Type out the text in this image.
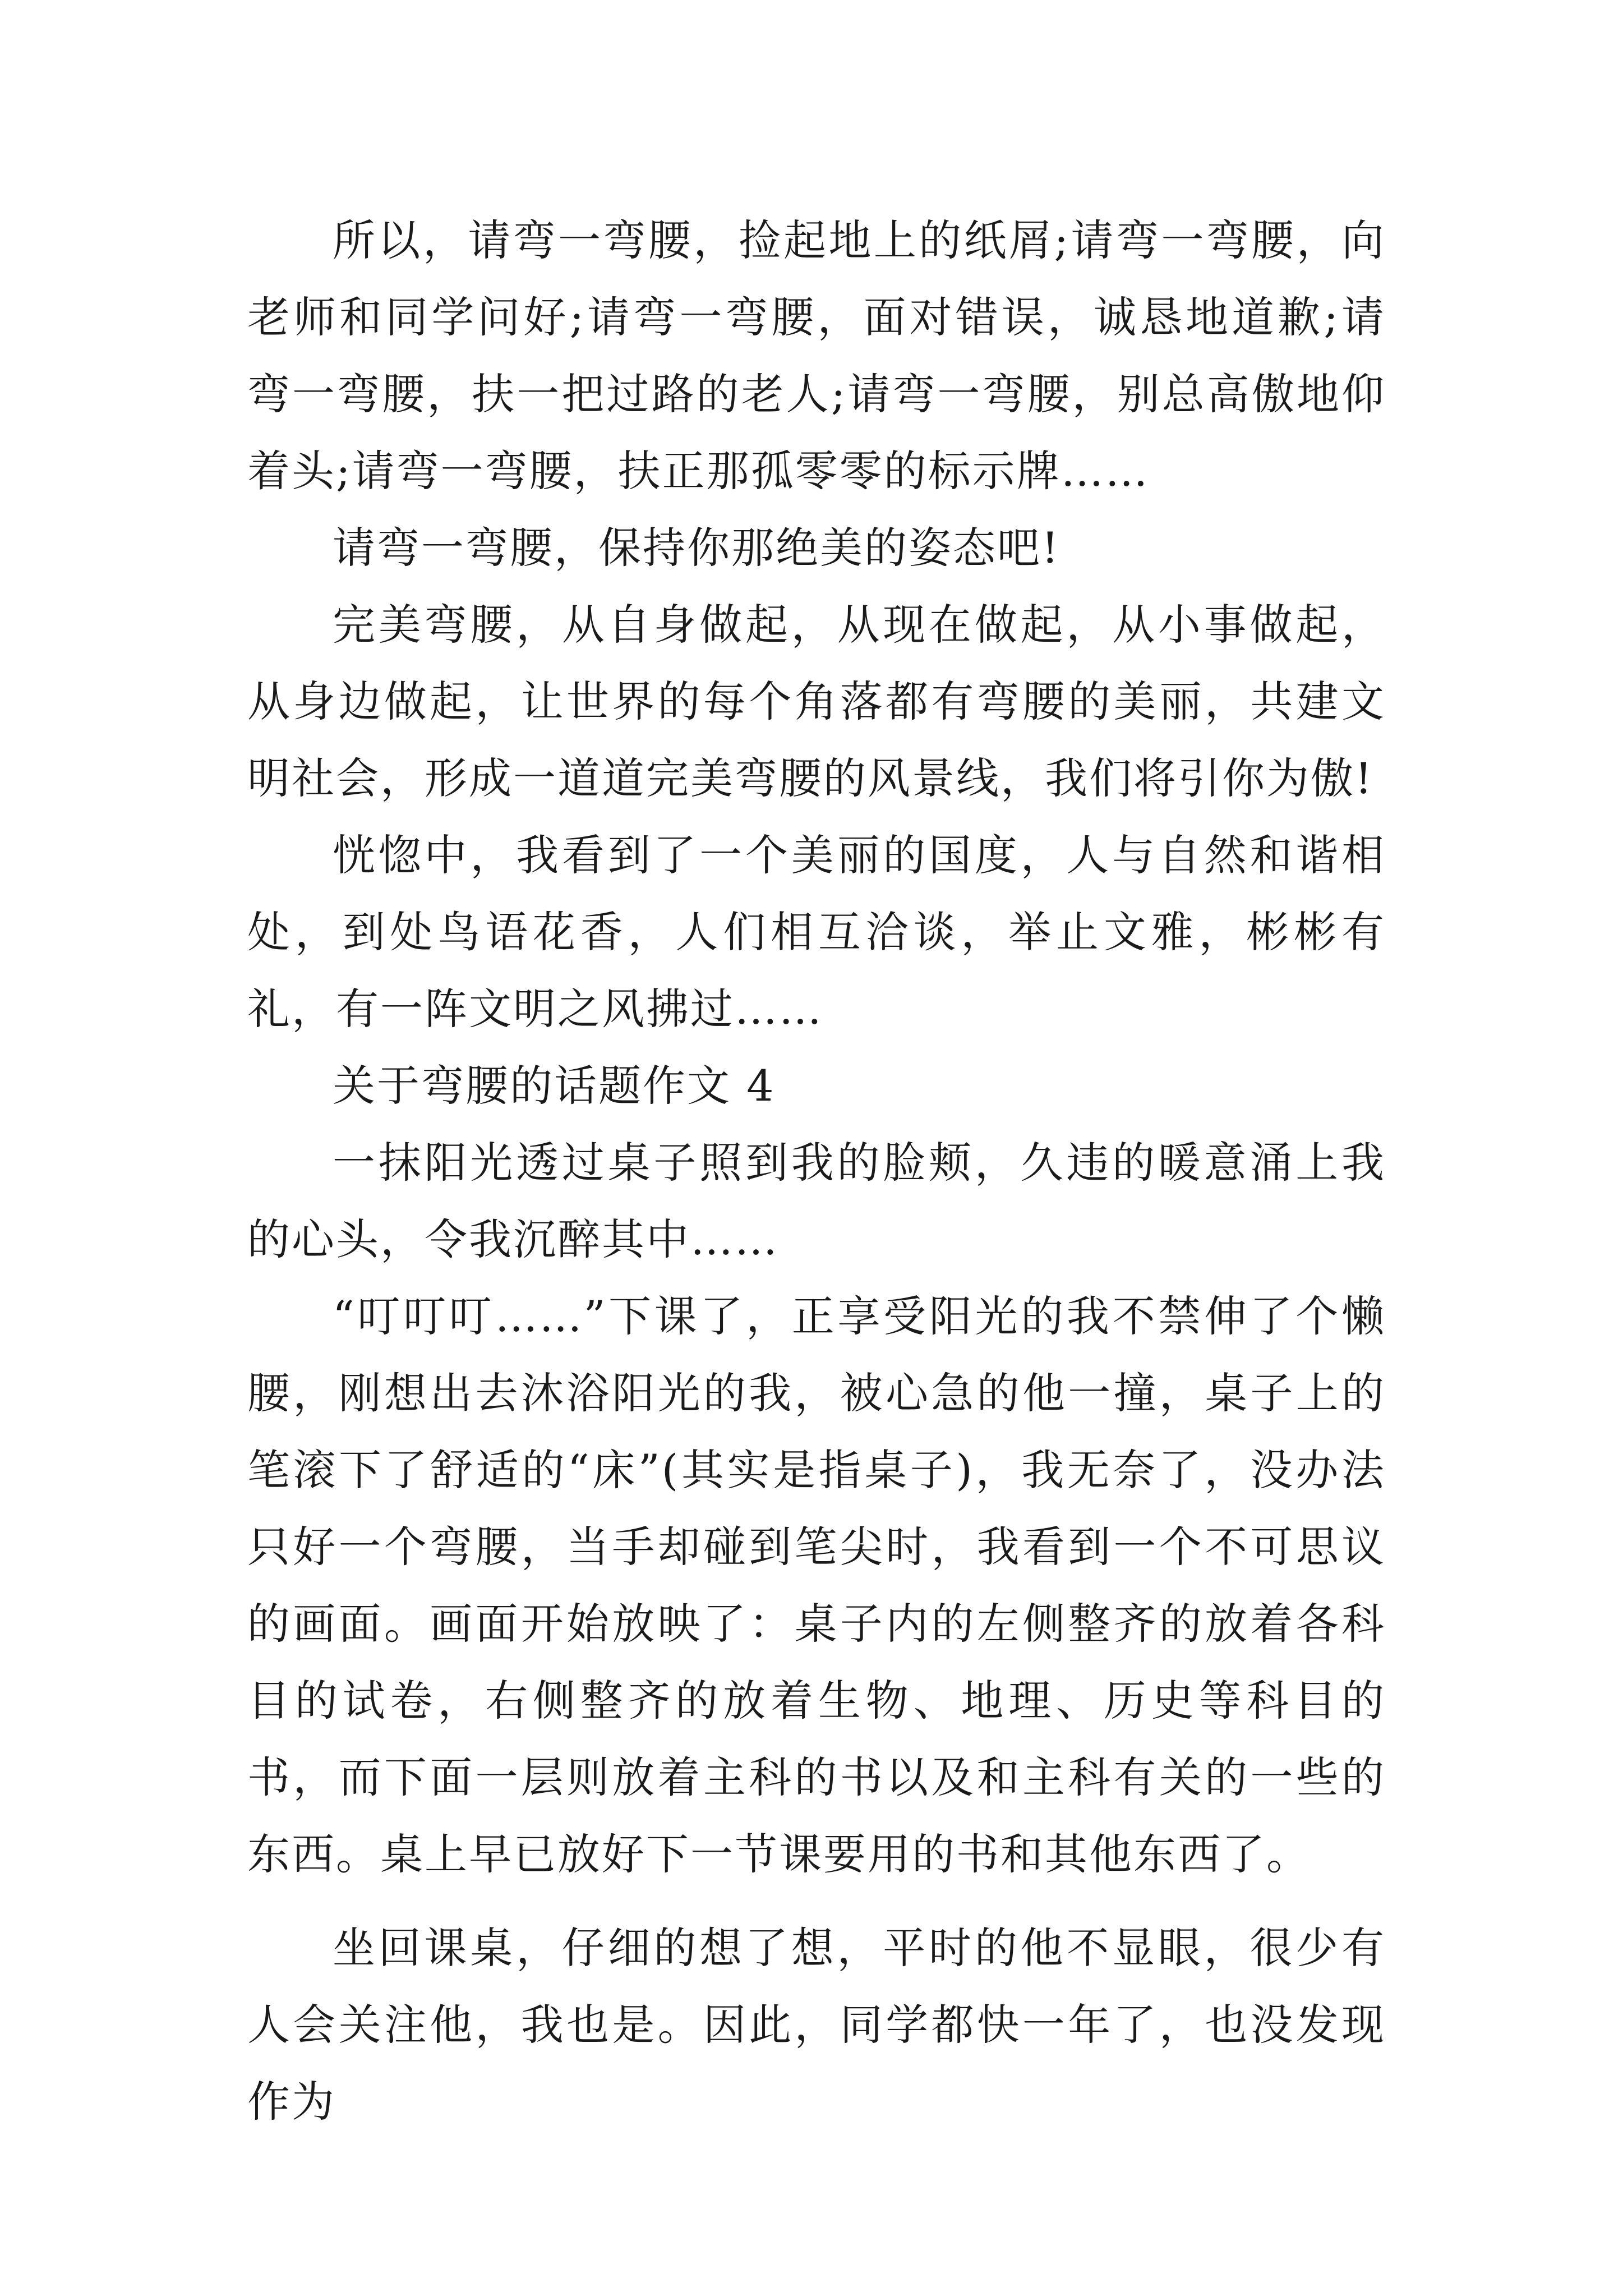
所以，请弯一弯腰，捡起地上的纸屑;请弯一弯腰，向老师和同学问好;请弯一弯腰，面对错误，诚恳地道歉;请弯一弯腰，扶一把过路的老人;请弯一弯腰，别总高傲地仰着头;请弯一弯腰，扶正那孤零零的标示牌……

请弯一弯腰，保持你那绝美的姿态吧!

完美弯腰，从自身做起，从现在做起，从小事做起，从身边做起，让世界的每个角落都有弯腰的美丽，共建文明社会，形成一道道完美弯腰的风景线，我们将引你为傲!

恍惚中，我看到了一个美丽的国度，人与自然和谐相处，到处鸟语花香，人们相互洽谈，举止文雅，彬彬有礼，有一阵文明之风拂过……

关于弯腰的话题作文 4

一抹阳光透过桌子照到我的脸颊，久违的暖意涌上我的心头，令我沉醉其中……

“叮叮叮……”下课了，正享受阳光的我不禁伸了个懒腰，刚想出去沐浴阳光的我，被心急的他一撞，桌子上的笔滚下了舒适的“床”(其实是指桌子)，我无奈了，没办法只好一个弯腰，当手却碰到笔尖时，我看到一个不可思议的画面。画面开始放映了：桌子内的左侧整齐的放着各科目的试卷，右侧整齐的放着生物、地理、历史等科目的书，而下面一层则放着主科的书以及和主科有关的一些的东西。桌上早已放好下一节课要用的书和其他东西了。

坐回课桌，仔细的想了想，平时的他不显眼，很少有人会关注他，我也是。因此，同学都快一年了，也没发现作为
